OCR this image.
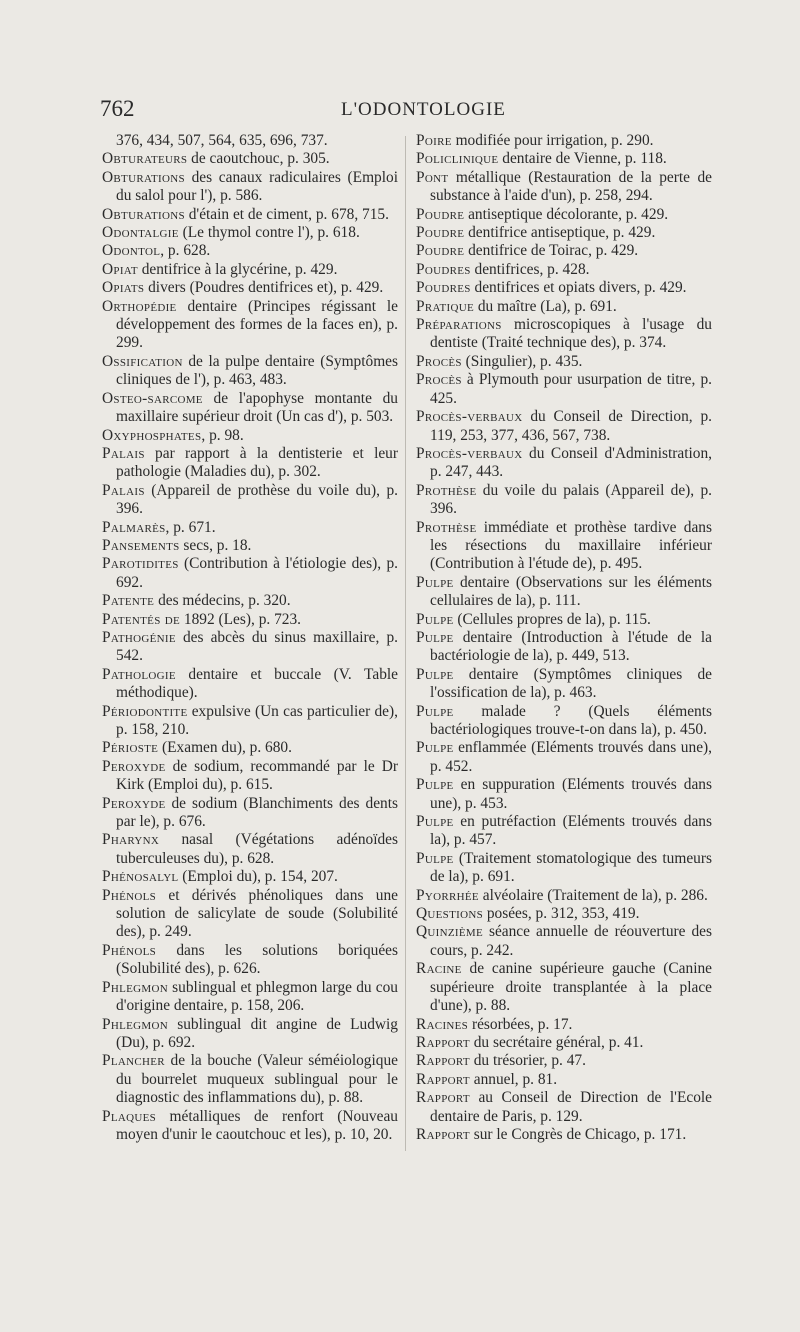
762	L'ODONTOLOGIE
376, 434, 507, 564, 635, 696, 737.
Obturateurs de caoutchouc, p. 305.
Obturations des canaux radiculaires (Emploi du salol pour l'), p. 586.
Obturations d'étain et de ciment, p. 678, 715.
Odontalgie (Le thymol contre l'), p. 618.
Odontol, p. 628.
Opiat dentifrice à la glycérine, p. 429.
Opiats divers (Poudres dentifrices et), p. 429.
Orthopédie dentaire (Principes régissant le développement des formes de la faces en), p. 299.
Ossification de la pulpe dentaire (Symptômes cliniques de l'), p. 463, 483.
Osteo-sarcome de l'apophyse montante du maxillaire supérieur droit (Un cas d'), p. 503.
Oxyphosphates, p. 98.
Palais par rapport à la dentisterie et leur pathologie (Maladies du), p. 302.
Palais (Appareil de prothèse du voile du), p. 396.
Palmarès, p. 671.
Pansements secs, p. 18.
Parotidites (Contribution à l'étiologie des), p. 692.
Patente des médecins, p. 320.
Patentés de 1892 (Les), p. 723.
Pathogénie des abcès du sinus maxillaire, p. 542.
Pathologie dentaire et buccale (V. Table méthodique).
Périodontite expulsive (Un cas particulier de), p. 158, 210.
Périoste (Examen du), p. 680.
Peroxyde de sodium, recommandé par le Dr Kirk (Emploi du), p. 615.
Peroxyde de sodium (Blanchiments des dents par le), p. 676.
Pharynx nasal (Végétations adénoïdes tuberculeuses du), p. 628.
Phénosalyl (Emploi du), p. 154, 207.
Phénols et dérivés phénoliques dans une solution de salicylate de soude (Solubilité des), p. 249.
Phénols dans les solutions boriquées (Solubilité des), p. 626.
Phlegmon sublingual et phlegmon large du cou d'origine dentaire, p. 158, 206.
Phlegmon sublingual dit angine de Ludwig (Du), p. 692.
Plancher de la bouche (Valeur séméiologique du bourrelet muqueux sublingual pour le diagnostic des inflammations du), p. 88.
Plaques métalliques de renfort (Nouveau moyen d'unir le caoutchouc et les), p. 10, 20.
Poire modifiée pour irrigation, p. 290.
Policlinique dentaire de Vienne, p. 118.
Pont métallique (Restauration de la perte de substance à l'aide d'un), p. 258, 294.
Poudre antiseptique décolorante, p. 429.
Poudre dentifrice antiseptique, p. 429.
Poudre dentifrice de Toirac, p. 429.
Poudres dentifrices, p. 428.
Poudres dentifrices et opiats divers, p. 429.
Pratique du maître (La), p. 691.
Préparations microscopiques à l'usage du dentiste (Traité technique des), p. 374.
Procès (Singulier), p. 435.
Procès à Plymouth pour usurpation de titre, p. 425.
Procès-verbaux du Conseil de Direction, p. 119, 253, 377, 436, 567, 738.
Procès-verbaux du Conseil d'Administration, p. 247, 443.
Prothèse du voile du palais (Appareil de), p. 396.
Prothèse immédiate et prothèse tardive dans les résections du maxillaire inférieur (Contribution à l'étude de), p. 495.
Pulpe dentaire (Observations sur les éléments cellulaires de la), p. 111.
Pulpe (Cellules propres de la), p. 115.
Pulpe dentaire (Introduction à l'étude de la bactériologie de la), p. 449, 513.
Pulpe dentaire (Symptômes cliniques de l'ossification de la), p. 463.
Pulpe malade ? (Quels éléments bactériologiques trouve-t-on dans la), p. 450.
Pulpe enflammée (Eléments trouvés dans une), p. 452.
Pulpe en suppuration (Eléments trouvés dans une), p. 453.
Pulpe en putréfaction (Eléments trouvés dans la), p. 457.
Pulpe (Traitement stomatologique des tumeurs de la), p. 691.
Pyorrhée alvéolaire (Traitement de la), p. 286.
Questions posées, p. 312, 353, 419.
Quinzième séance annuelle de réouverture des cours, p. 242.
Racine de canine supérieure gauche (Canine supérieure droite transplantée à la place d'une), p. 88.
Racines résorbées, p. 17.
Rapport du secrétaire général, p. 41.
Rapport du trésorier, p. 47.
Rapport annuel, p. 81.
Rapport au Conseil de Direction de l'Ecole dentaire de Paris, p. 129.
Rapport sur le Congrès de Chicago, p. 171.
